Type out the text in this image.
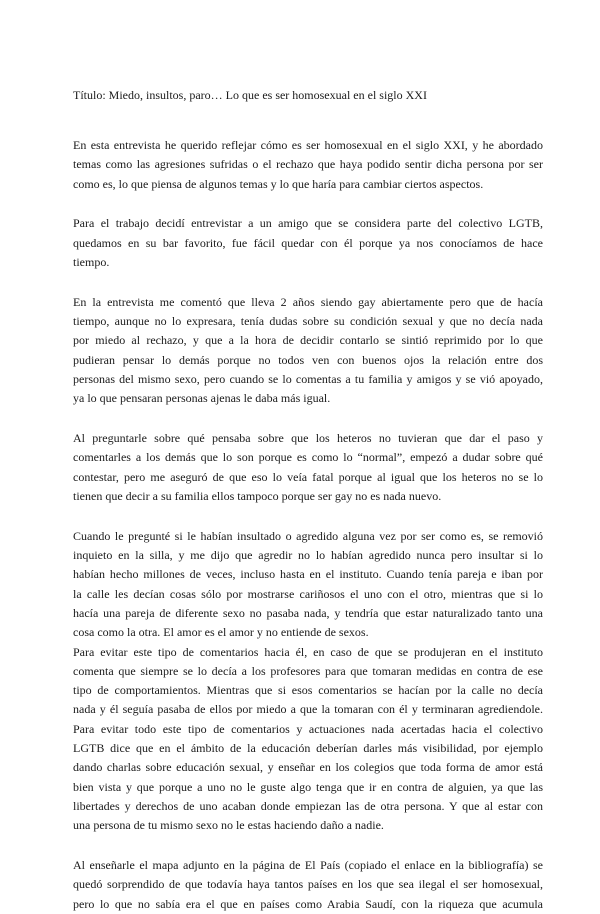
Título: Miedo, insultos, paro… Lo que es ser homosexual en el siglo XXI

En esta entrevista he querido reflejar cómo es ser homosexual en el siglo XXI, y he abordado
temas como las agresiones sufridas o el rechazo que haya podido sentir dicha persona por ser
como es, lo que piensa de algunos temas y lo que haría para cambiar ciertos aspectos.

Para el trabajo decidí entrevistar a un amigo que se considera parte del colectivo LGTB,
quedamos en su bar favorito, fue fácil quedar con él porque ya nos conocíamos de hace
tiempo.

En la entrevista me comentó que lleva 2 años siendo gay abiertamente pero que de hacía
tiempo, aunque no lo expresara, tenía dudas sobre su condición sexual y que no decía nada
por miedo al rechazo, y que a la hora de decidir contarlo se sintió reprimido por lo que
pudieran pensar lo demás porque no todos ven con buenos ojos la relación entre dos
personas del mismo sexo, pero cuando se lo comentas a tu familia y amigos y se vió apoyado,
ya lo que pensaran personas ajenas le daba más igual.

Al preguntarle sobre qué pensaba sobre que los heteros no tuvieran que dar el paso y
comentarles a los demás que lo son porque es como lo “normal”, empezó a dudar sobre qué
contestar, pero me aseguró de que eso lo veía fatal porque al igual que los heteros no se lo
tienen que decir a su familia ellos tampoco porque ser gay no es nada nuevo.

Cuando le pregunté si le habían insultado o agredido alguna vez por ser como es, se removió
inquieto en la silla, y me dijo que agredir no lo habían agredido nunca pero insultar si lo
habían hecho millones de veces, incluso hasta en el instituto. Cuando tenía pareja e iban por
la calle les decían cosas sólo por mostrarse cariñosos el uno con el otro, mientras que si lo
hacía una pareja de diferente sexo no pasaba nada, y tendría que estar naturalizado tanto una
cosa como la otra. El amor es el amor y no entiende de sexos.
Para evitar este tipo de comentarios hacia él, en caso de que se produjeran en el instituto
comenta que siempre se lo decía a los profesores para que tomaran medidas en contra de ese
tipo de comportamientos. Mientras que si esos comentarios se hacían por la calle no decía
nada y él seguía pasaba de ellos por miedo a que la tomaran con él y terminaran agrediendole.
Para evitar todo este tipo de comentarios y actuaciones nada acertadas hacia el colectivo
LGTB dice que en el ámbito de la educación deberían darles más visibilidad, por ejemplo
dando charlas sobre educación sexual, y enseñar en los colegios que toda forma de amor está
bien vista y que porque a uno no le guste algo tenga que ir en contra de alguien, ya que las
libertades y derechos de uno acaban donde empiezan las de otra persona. Y que al estar con
una persona de tu mismo sexo no le estas haciendo daño a nadie.

Al enseñarle el mapa adjunto en la página de El País (copiado el enlace en la bibliografía) se
quedó sorprendido de que todavía haya tantos países en los que sea ilegal el ser homosexual,
pero lo que no sabía era el que en países como Arabia Saudí, con la riqueza que acumula
